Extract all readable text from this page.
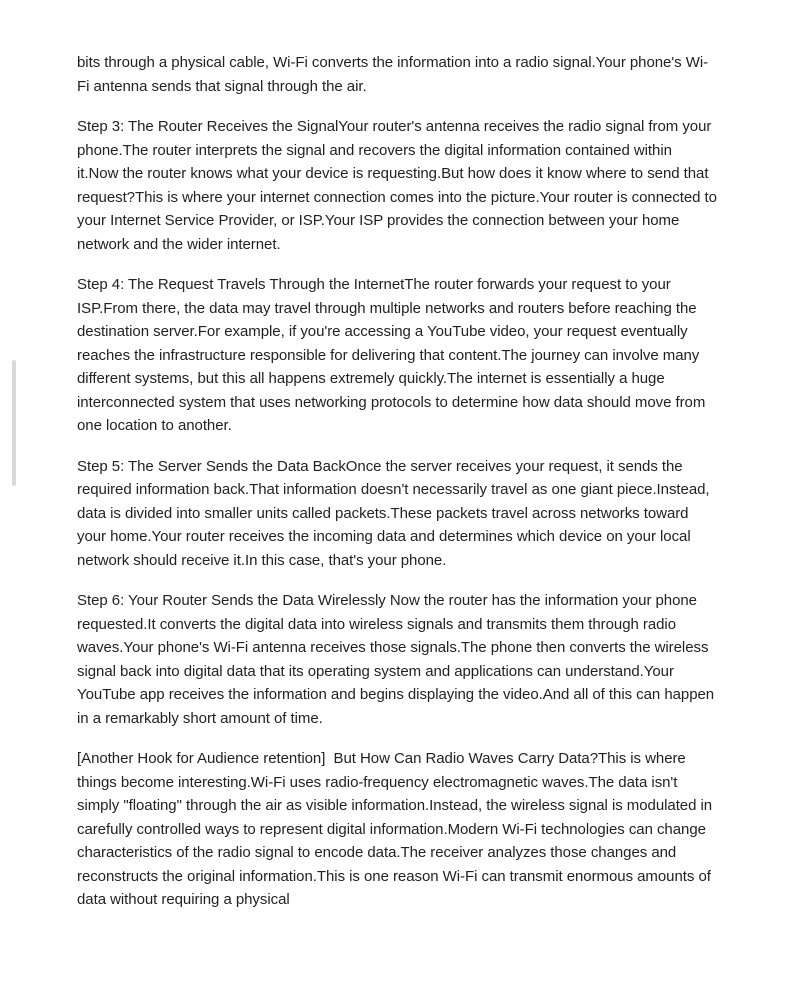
bits through a physical cable, Wi-Fi converts the information into a radio signal.Your phone's Wi-Fi antenna sends that signal through the air.

Step 3: The Router Receives the SignalYour router's antenna receives the radio signal from your phone.The router interprets the signal and recovers the digital information contained within it.Now the router knows what your device is requesting.But how does it know where to send that request?This is where your internet connection comes into the picture.Your router is connected to your Internet Service Provider, or ISP.Your ISP provides the connection between your home network and the wider internet.

Step 4: The Request Travels Through the InternetThe router forwards your request to your ISP.From there, the data may travel through multiple networks and routers before reaching the destination server.For example, if you're accessing a YouTube video, your request eventually reaches the infrastructure responsible for delivering that content.The journey can involve many different systems, but this all happens extremely quickly.The internet is essentially a huge interconnected system that uses networking protocols to determine how data should move from one location to another.

Step 5: The Server Sends the Data BackOnce the server receives your request, it sends the required information back.That information doesn't necessarily travel as one giant piece.Instead, data is divided into smaller units called packets.These packets travel across networks toward your home.Your router receives the incoming data and determines which device on your local network should receive it.In this case, that's your phone.

Step 6: Your Router Sends the Data Wirelessly Now the router has the information your phone requested.It converts the digital data into wireless signals and transmits them through radio waves.Your phone's Wi-Fi antenna receives those signals.The phone then converts the wireless signal back into digital data that its operating system and applications can understand.Your YouTube app receives the information and begins displaying the video.And all of this can happen in a remarkably short amount of time.

[Another Hook for Audience retention]  But How Can Radio Waves Carry Data?This is where things become interesting.Wi-Fi uses radio-frequency electromagnetic waves.The data isn't simply "floating" through the air as visible information.Instead, the wireless signal is modulated in carefully controlled ways to represent digital information.Modern Wi-Fi technologies can change characteristics of the radio signal to encode data.The receiver analyzes those changes and reconstructs the original information.This is one reason Wi-Fi can transmit enormous amounts of data without requiring a physical
